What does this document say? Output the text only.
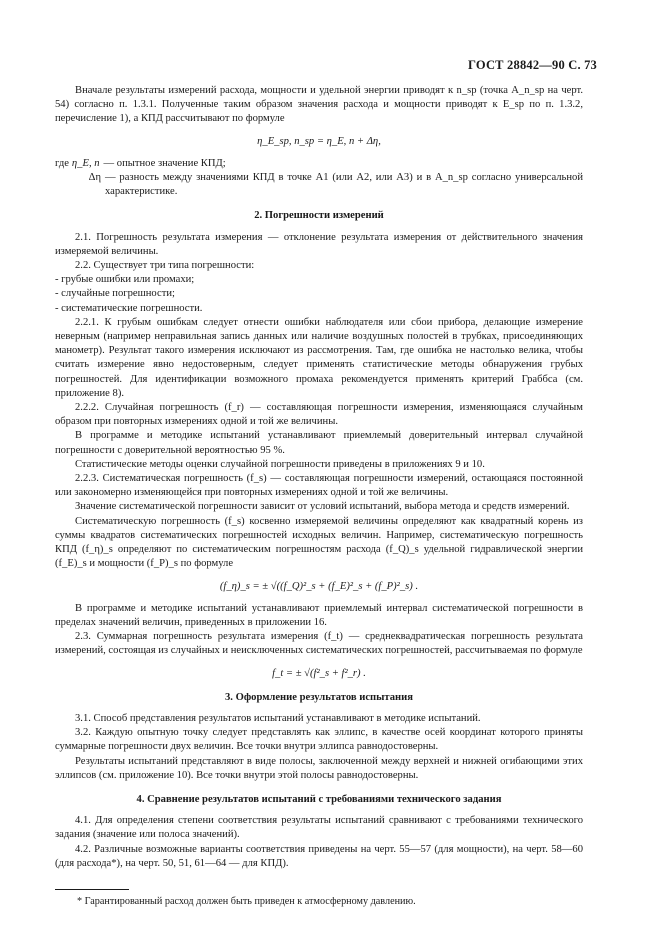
ГОСТ 28842—90 С. 73

Вначале результаты измерений расхода, мощности и удельной энергии приводят к n_sp (точка A_n_sp на черт. 54) согласно п. 1.3.1. Полученные таким образом значения расхода и мощности приводят к E_sp по п. 1.3.2, перечисление 1), а КПД рассчитывают по формуле

η_E_sp, n_sp = η_E, n + Δη,
где η_E, n — опытное значение КПД;
Δη — разность между значениями КПД в точке A1 (или A2, или A3) и в A_n_sp согласно универсальной характеристике.
2. Погрешности измерений

2.1. Погрешность результата измерения — отклонение результата измерения от действительного значения измеряемой величины.

2.2. Существует три типа погрешности:

- грубые ошибки или промахи;

- случайные погрешности;

- систематические погрешности.

2.2.1. К грубым ошибкам следует отнести ошибки наблюдателя или сбои прибора, делающие измерение неверным (например неправильная запись данных или наличие воздушных полостей в трубках, присоединяющих манометр). Результат такого измерения исключают из рассмотрения. Там, где ошибка не настолько велика, чтобы считать измерение явно недостоверным, следует применять статистические методы обнаружения грубых погрешностей. Для идентификации возможного промаха рекомендуется применять критерий Граббса (см. приложение 8).

2.2.2. Случайная погрешность (f_r) — составляющая погрешности измерения, изменяющаяся случайным образом при повторных измерениях одной и той же величины.

В программе и методике испытаний устанавливают приемлемый доверительный интервал случайной погрешности с доверительной вероятностью 95 %.

Статистические методы оценки случайной погрешности приведены в приложениях 9 и 10.

2.2.3. Систематическая погрешность (f_s) — составляющая погрешности измерений, остающаяся постоянной или закономерно изменяющейся при повторных измерениях одной и той же величины.

Значение систематической погрешности зависит от условий испытаний, выбора метода и средств измерений.

Систематическую погрешность (f_s) косвенно измеряемой величины определяют как квадратный корень из суммы квадратов систематических погрешностей исходных величин. Например, систематическую погрешность КПД (f_η)_s определяют по систематическим погрешностям расхода (f_Q)_s удельной гидравлической энергии (f_E)_s и мощности (f_P)_s по формуле

(f_η)_s = ± √((f_Q)²_s + (f_E)²_s + (f_P)²_s) .

В программе и методике испытаний устанавливают приемлемый интервал систематической погрешности в пределах значений величин, приведенных в приложении 16.

2.3. Суммарная погрешность результата измерения (f_t) — среднеквадратическая погрешность результата измерений, состоящая из случайных и неисключенных систематических погрешностей, рассчитываемая по формуле

f_t = ± √(f²_s + f²_r) .
3. Оформление результатов испытания

3.1. Способ представления результатов испытаний устанавливают в методике испытаний.

3.2. Каждую опытную точку следует представлять как эллипс, в качестве осей координат которого приняты суммарные погрешности двух величин. Все точки внутри эллипса равнодостоверны.

Результаты испытаний представляют в виде полосы, заключенной между верхней и нижней огибающими этих эллипсов (см. приложение 10). Все точки внутри этой полосы равнодостоверны.

4. Сравнение результатов испытаний с требованиями технического задания

4.1. Для определения степени соответствия результаты испытаний сравнивают с требованиями технического задания (значение или полоса значений).

4.2. Различные возможные варианты соответствия приведены на черт. 55—57 (для мощности), на черт. 58—60 (для расхода*), на черт. 50, 51, 61—64 — для КПД).

* Гарантированный расход должен быть приведен к атмосферному давлению.
